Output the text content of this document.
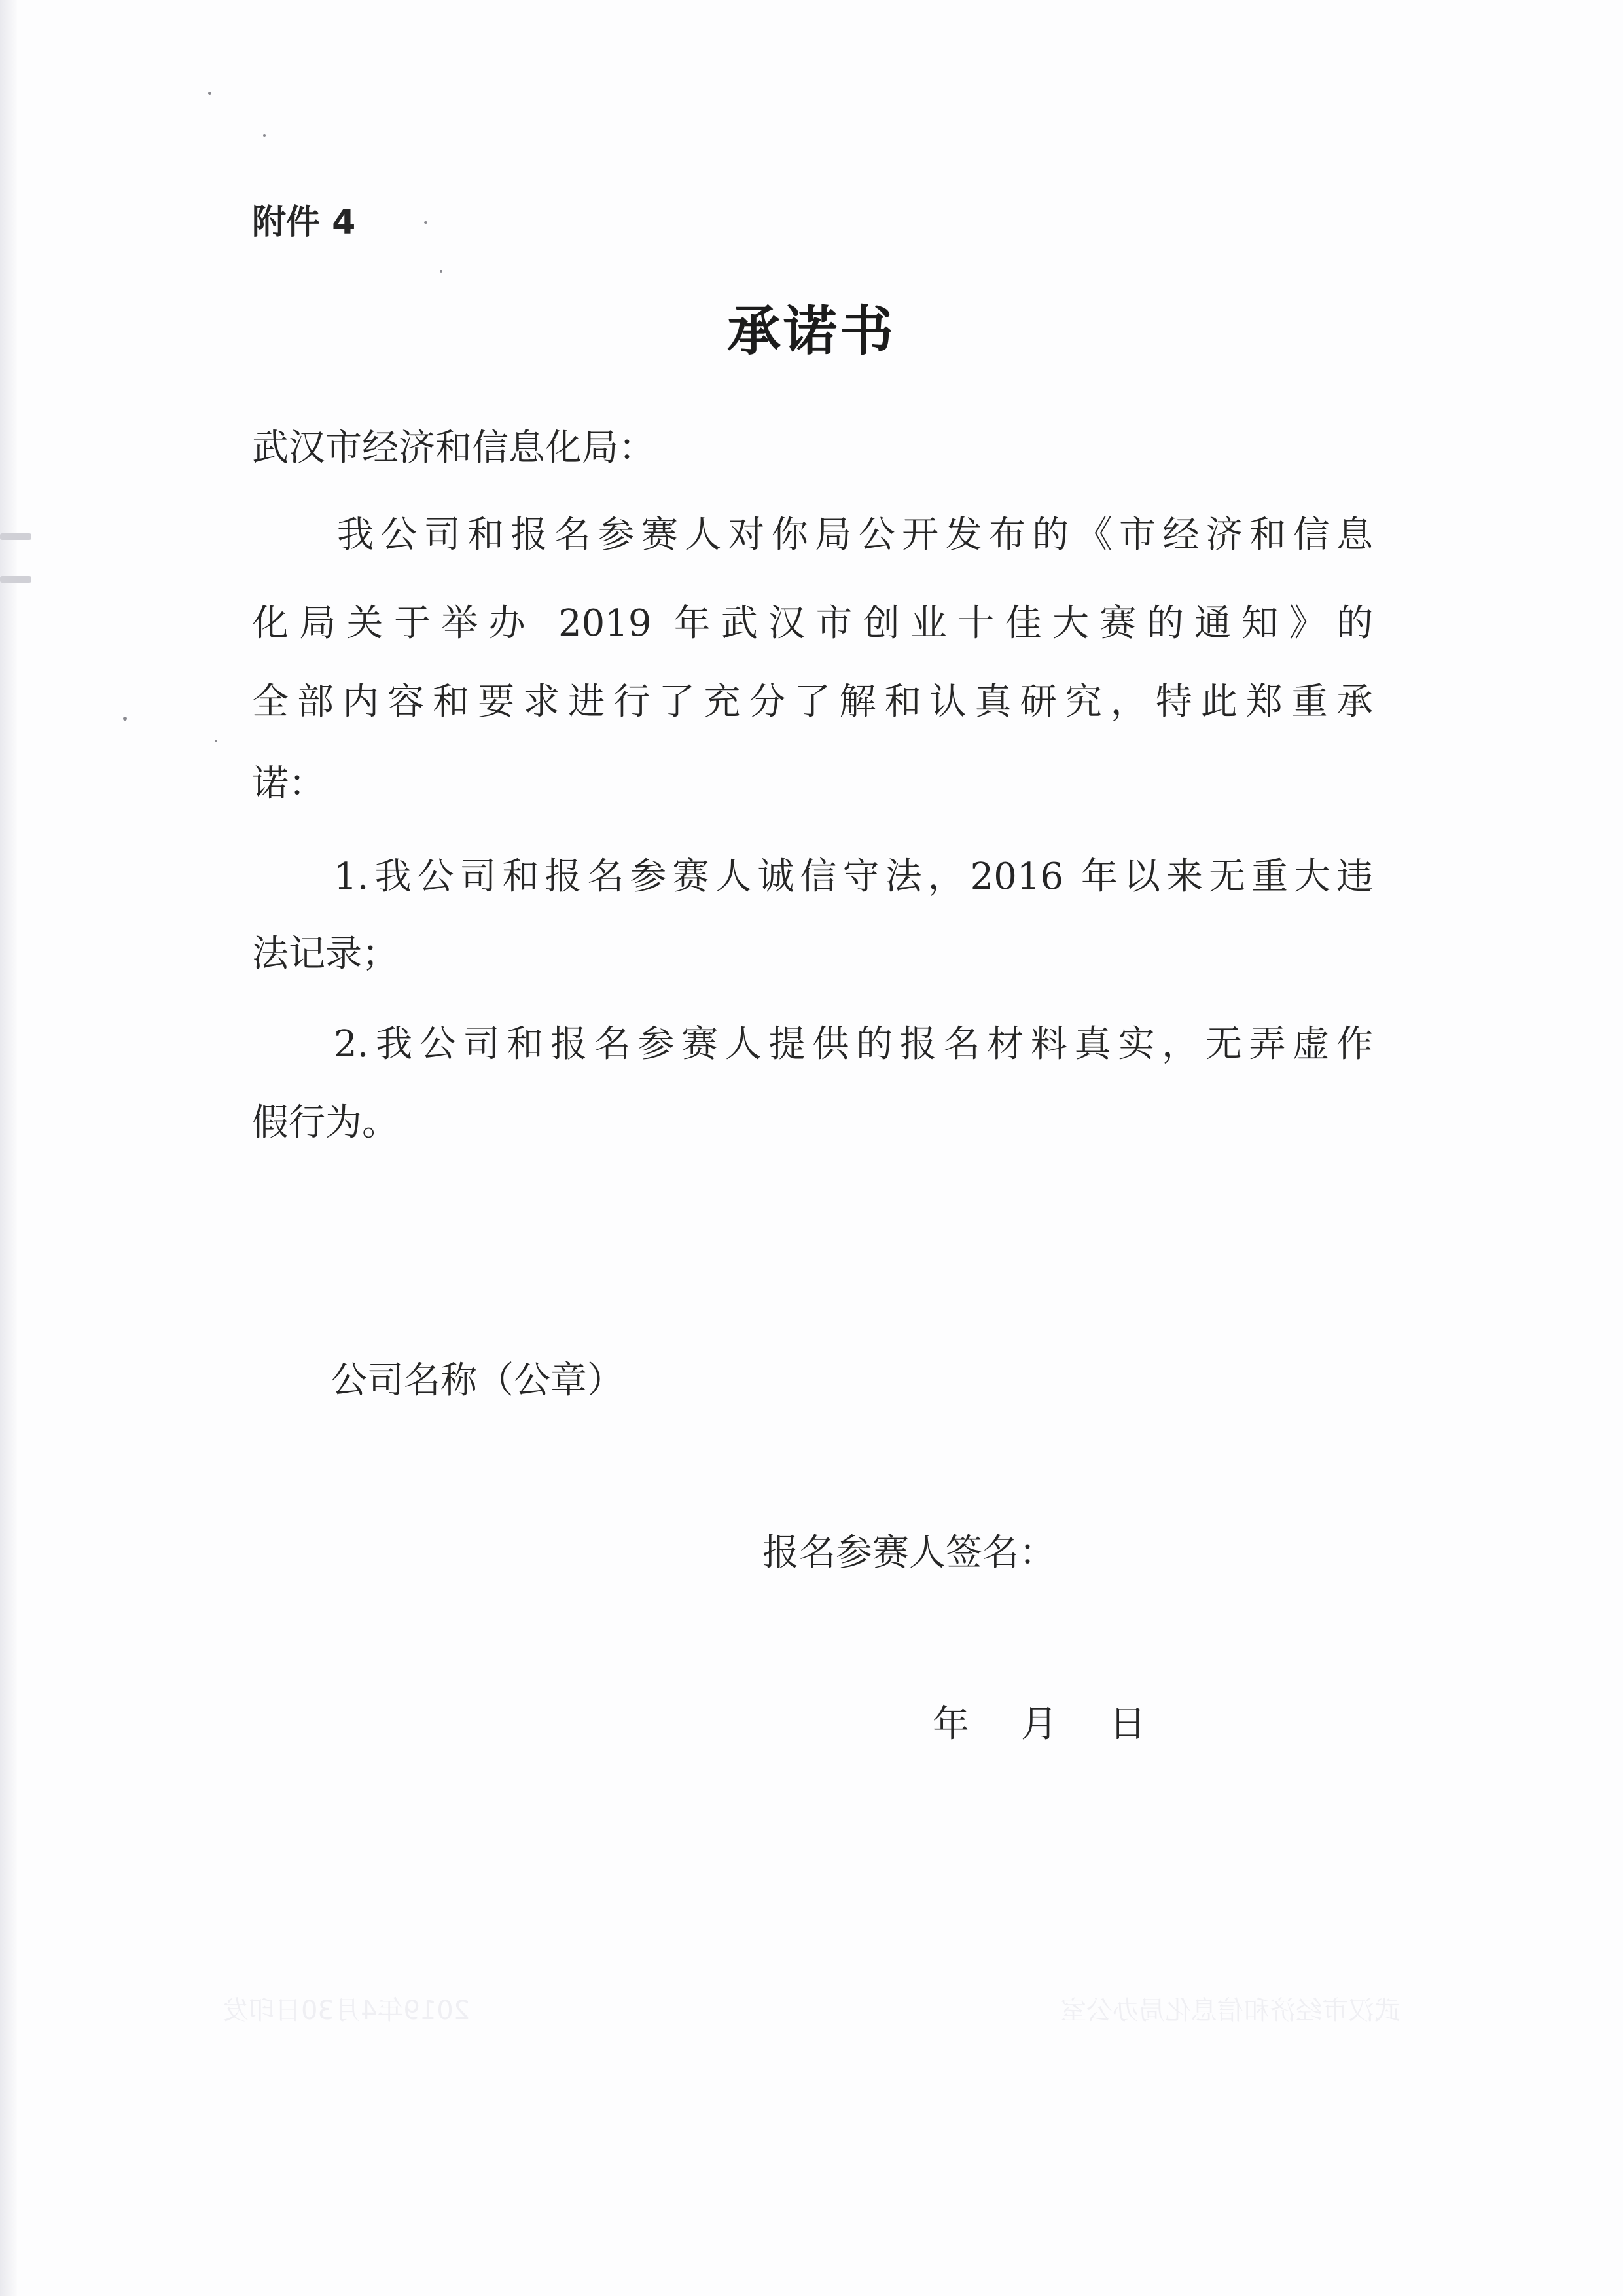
附件 4

承诺书

武汉市经济和信息化局：

我公司和报名参赛人对你局公开发布的《市经济和信息

化局关于举办 2019 年武汉市创业十佳大赛的通知》的

全部内容和要求进行了充分了解和认真研究，特此郑重承

诺：

1.我公司和报名参赛人诚信守法，2016 年以来无重大违

法记录；

2.我公司和报名参赛人提供的报名材料真实，无弄虚作

假行为。

公司名称（公章）

报名参赛人签名：

年 月 日
武汉市经济和信息化局办公室
2019年4月30日印发
